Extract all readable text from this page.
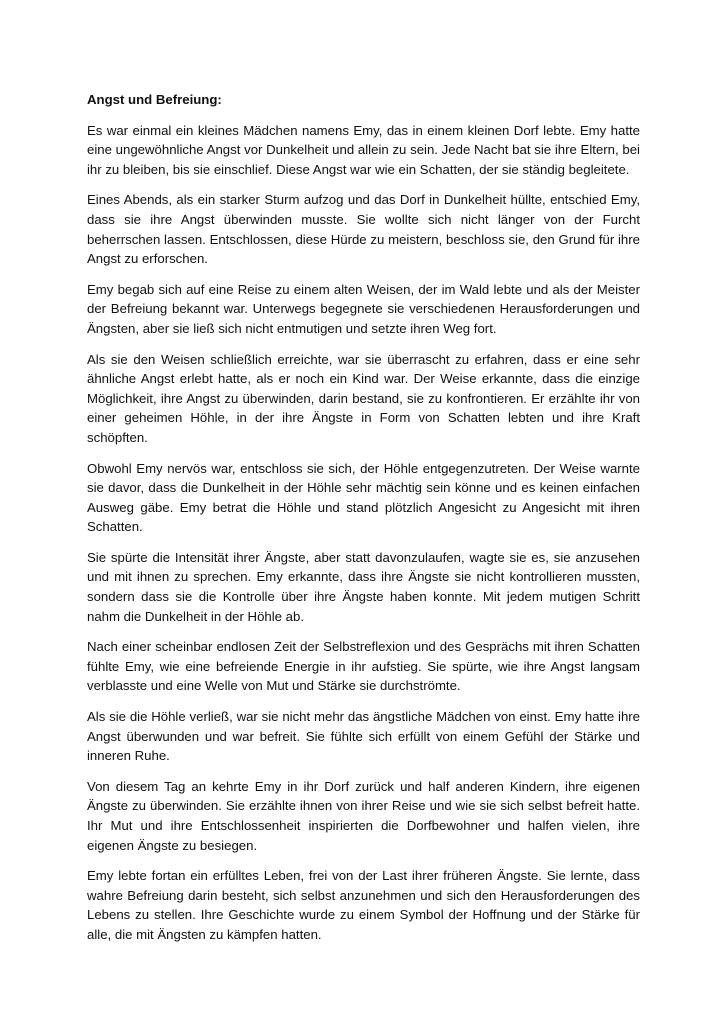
Angst und Befreiung:

Es war einmal ein kleines Mädchen namens Emy, das in einem kleinen Dorf lebte. Emy hatte eine ungewöhnliche Angst vor Dunkelheit und allein zu sein. Jede Nacht bat sie ihre Eltern, bei ihr zu bleiben, bis sie einschlief. Diese Angst war wie ein Schatten, der sie ständig begleitete.

Eines Abends, als ein starker Sturm aufzog und das Dorf in Dunkelheit hüllte, entschied Emy, dass sie ihre Angst überwinden musste. Sie wollte sich nicht länger von der Furcht beherrschen lassen. Entschlossen, diese Hürde zu meistern, beschloss sie, den Grund für ihre Angst zu erforschen.

Emy begab sich auf eine Reise zu einem alten Weisen, der im Wald lebte und als der Meister der Befreiung bekannt war. Unterwegs begegnete sie verschiedenen Herausforderungen und Ängsten, aber sie ließ sich nicht entmutigen und setzte ihren Weg fort.

Als sie den Weisen schließlich erreichte, war sie überrascht zu erfahren, dass er eine sehr ähnliche Angst erlebt hatte, als er noch ein Kind war. Der Weise erkannte, dass die einzige Möglichkeit, ihre Angst zu überwinden, darin bestand, sie zu konfrontieren. Er erzählte ihr von einer geheimen Höhle, in der ihre Ängste in Form von Schatten lebten und ihre Kraft schöpften.

Obwohl Emy nervös war, entschloss sie sich, der Höhle entgegenzutreten. Der Weise warnte sie davor, dass die Dunkelheit in der Höhle sehr mächtig sein könne und es keinen einfachen Ausweg gäbe. Emy betrat die Höhle und stand plötzlich Angesicht zu Angesicht mit ihren Schatten.

Sie spürte die Intensität ihrer Ängste, aber statt davonzulaufen, wagte sie es, sie anzusehen und mit ihnen zu sprechen. Emy erkannte, dass ihre Ängste sie nicht kontrollieren mussten, sondern dass sie die Kontrolle über ihre Ängste haben konnte. Mit jedem mutigen Schritt nahm die Dunkelheit in der Höhle ab.

Nach einer scheinbar endlosen Zeit der Selbstreflexion und des Gesprächs mit ihren Schatten fühlte Emy, wie eine befreiende Energie in ihr aufstieg. Sie spürte, wie ihre Angst langsam verblasste und eine Welle von Mut und Stärke sie durchströmte.

Als sie die Höhle verließ, war sie nicht mehr das ängstliche Mädchen von einst. Emy hatte ihre Angst überwunden und war befreit. Sie fühlte sich erfüllt von einem Gefühl der Stärke und inneren Ruhe.

Von diesem Tag an kehrte Emy in ihr Dorf zurück und half anderen Kindern, ihre eigenen Ängste zu überwinden. Sie erzählte ihnen von ihrer Reise und wie sie sich selbst befreit hatte. Ihr Mut und ihre Entschlossenheit inspirierten die Dorfbewohner und halfen vielen, ihre eigenen Ängste zu besiegen.

Emy lebte fortan ein erfülltes Leben, frei von der Last ihrer früheren Ängste. Sie lernte, dass wahre Befreiung darin besteht, sich selbst anzunehmen und sich den Herausforderungen des Lebens zu stellen. Ihre Geschichte wurde zu einem Symbol der Hoffnung und der Stärke für alle, die mit Ängsten zu kämpfen hatten.
